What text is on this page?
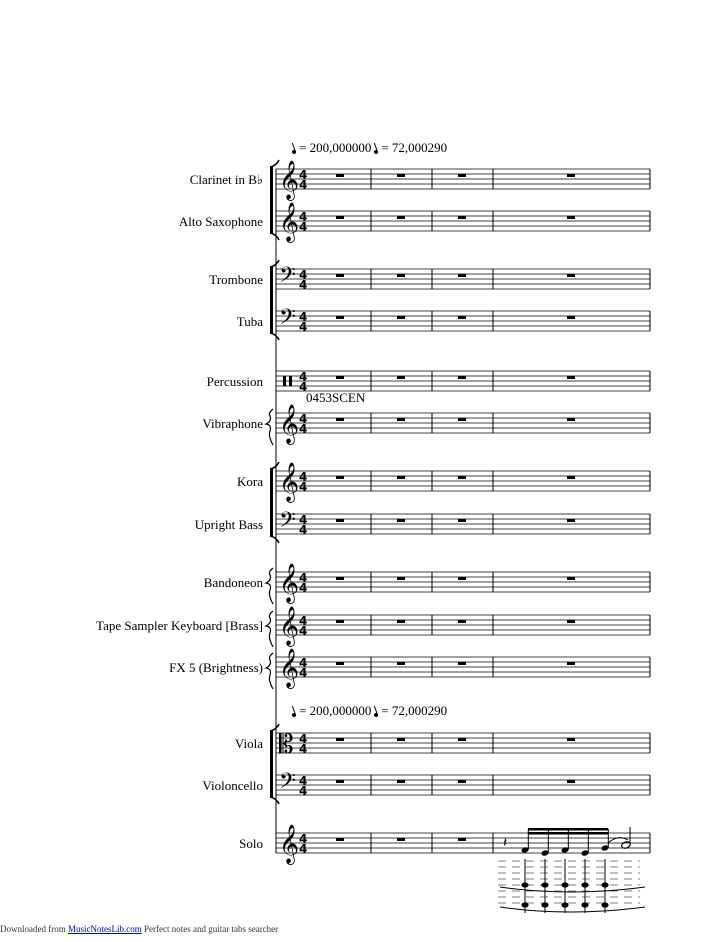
𝄞 4
4
𝄞 4
4
𝄢 4
4
𝄢 4
4
4
4
𝄞 4
4
𝄞 4
4
𝄢 4
4
𝄞 4
4
𝄞 4
4
𝄞 4
4
𝄡 4
4
𝄢 4
4
𝄞 4
4	𝄽
= 200,000000 = 72,000290
= 200,000000 = 72,000290
0453SCEN
Clarinet in B♭
Alto Saxophone
Trombone
Tuba
Percussion
Vibraphone
Kora
Upright Bass
Bandoneon
Tape Sampler Keyboard [Brass]
FX 5 (Brightness)
Viola
Violoncello
Solo
Downloaded from MusicNotesLib.com Perfect notes and guitar tabs searcher
